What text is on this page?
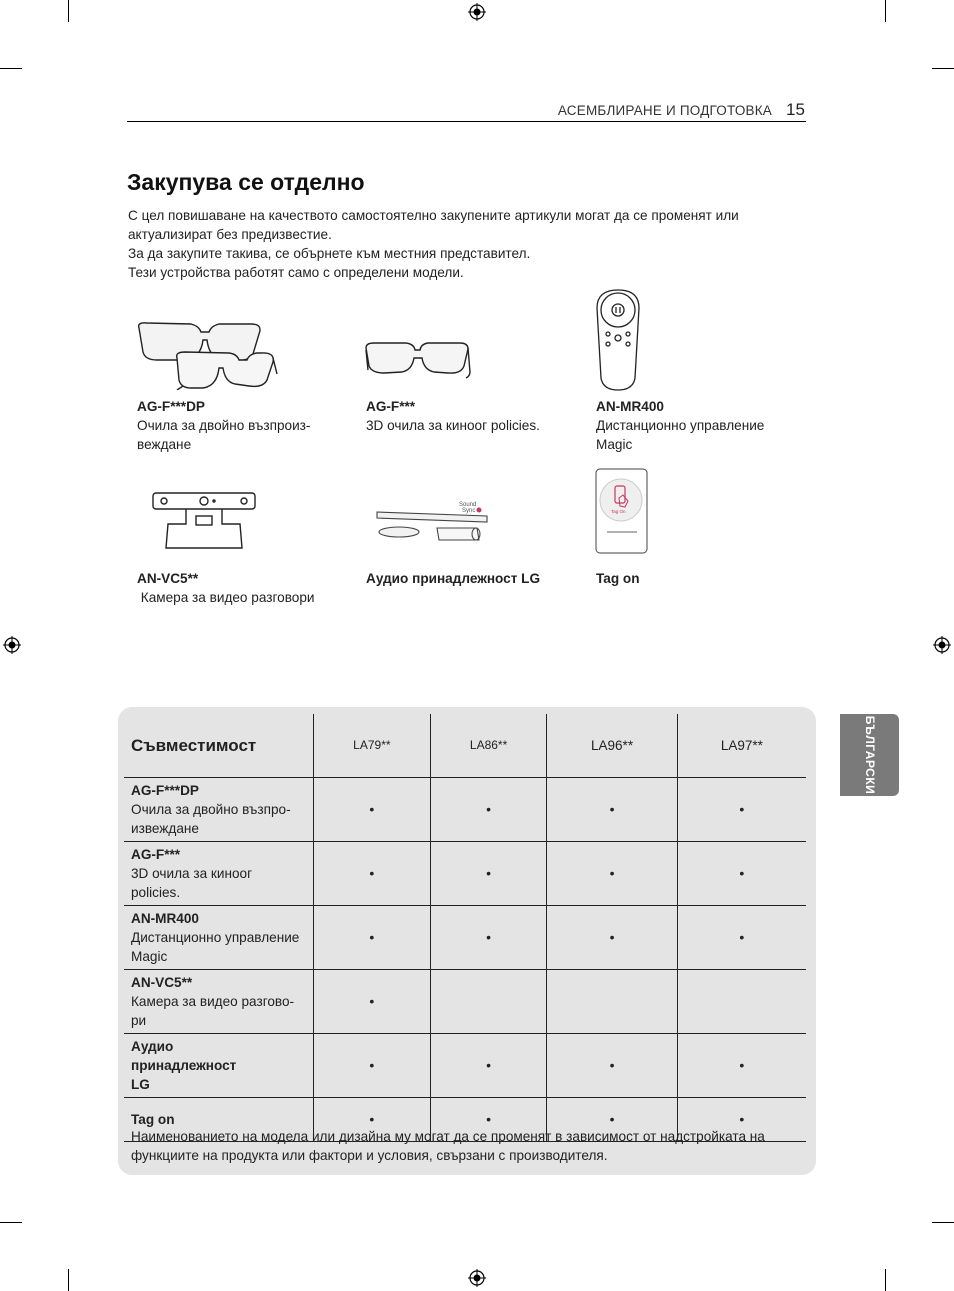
АСЕМБЛИРАНЕ И ПОДГОТОВКА 15
Закупува се отделно

С цел повишаване на качеството самостоятелно закупените артикули могат да се променят или актуализират без предизвестие.

За да закупите такива, се обърнете към местния представител.

Тези устройства работят само с определени модели.

Sound
Sync	Tag On
AG-F***DP
Очила за двойно възпроиз-
веждане
AG-F***
3D очила за киноог policies.
AN-MR400
Дистанционно управление
Magic
AN-VC5**
Камера за видео разговори
Аудио принадлежност LG	Tag on
БЪЛГАРСКИ
Съвместимост	LA79**	LA86**	LA96**	LA97**
AG-F***DP
Очила за двойно възпро-
извеждане	•	•	•	•
AG-F***
3D очила за киноог
policies.	•	•	•	•
AN-MR400
Дистанционно управление
Magic	•	•	•	•
AN-VC5**
Камера за видео разгово-
ри	•			
Аудио принадлежност LG	•	•	•	•
Tag on	•	•	•	•
Наименованието на модела или дизайна му могат да се променят в зависимост от надстройката на функциите на продукта или фактори и условия, свързани с производителя.
